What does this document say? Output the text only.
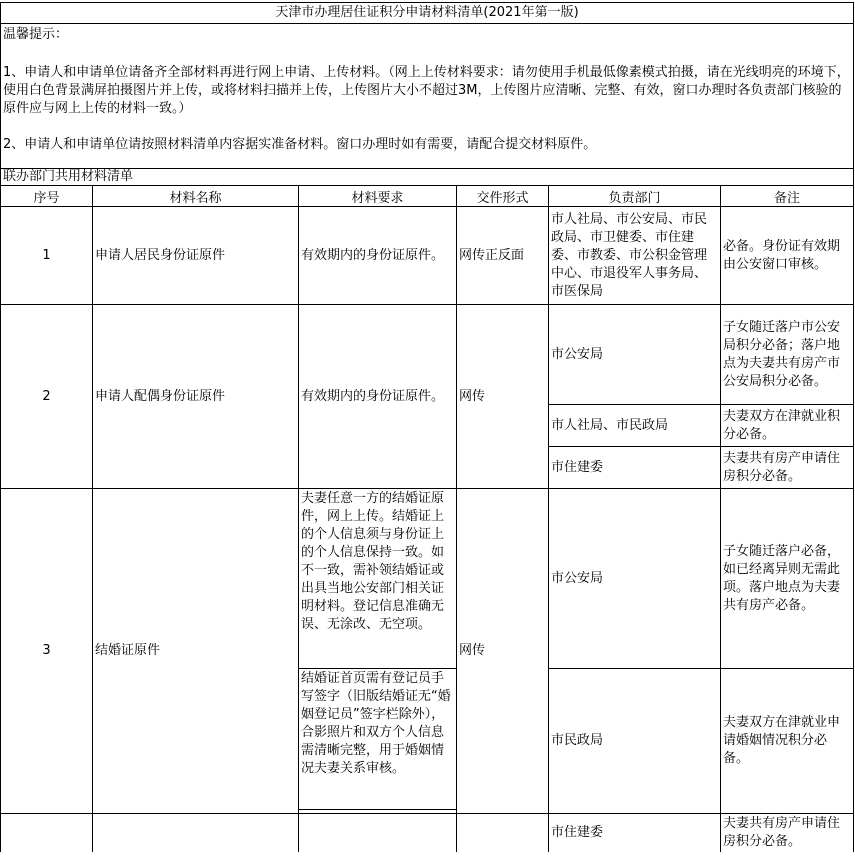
天津市办理居住证积分申请材料清单(2021年第一版)					

温馨提示：

1、申请人和申请单位请备齐全部材料再进行网上申请、上传材料。（网上上传材料要求：请勿使用手机最低像素模式拍摄，请在光线明亮的环境下，使用白色背景满屏拍摄图片并上传，或将材料扫描并上传，上传图片大小不超过3M，上传图片应清晰、完整、有效，窗口办理时各负责部门核验的原件应与网上上传的材料一致。）

2、申请人和申请单位请按照材料清单内容据实准备材料。窗口办理时如有需要，请配合提交材料原件。					

联办部门共用材料清单					
序号	材料名称	材料要求	交件形式	负责部门	备注
1	申请人居民身份证原件	有效期内的身份证原件。	网传正反面	市人社局、市公安局、市民政局、市卫健委、市住建委、市教委、市公积金管理中心、市退役军人事务局、市医保局	必备。身份证有效期由公安窗口审核。
2	申请人配偶身份证原件	有效期内的身份证原件。	网传	市公安局	子女随迁落户市公安局积分必备；落户地点为夫妻共有房产市公安局积分必备。
				市人社局、市民政局	夫妻双方在津就业积分必备。
				市住建委	夫妻共有房产申请住房积分必备。
3	结婚证原件	夫妻任意一方的结婚证原件，网上上传。结婚证上的个人信息须与身份证上的个人信息保持一致。如不一致，需补领结婚证或出具当地公安部门相关证明材料。登记信息准确无误、无涂改、无空项。	网传	市公安局	子女随迁落户必备，如已经离异则无需此项。落户地点为夫妻共有房产必备。
		结婚证首页需有登记员手写签字（旧版结婚证无“婚姻登记员”签字栏除外），合影照片和双方个人信息需清晰完整，用于婚姻情况夫妻关系审核。		市民政局	夫妻双方在津就业申请婚姻情况积分必备。

				市住建委	夫妻共有房产申请住房积分必备。
